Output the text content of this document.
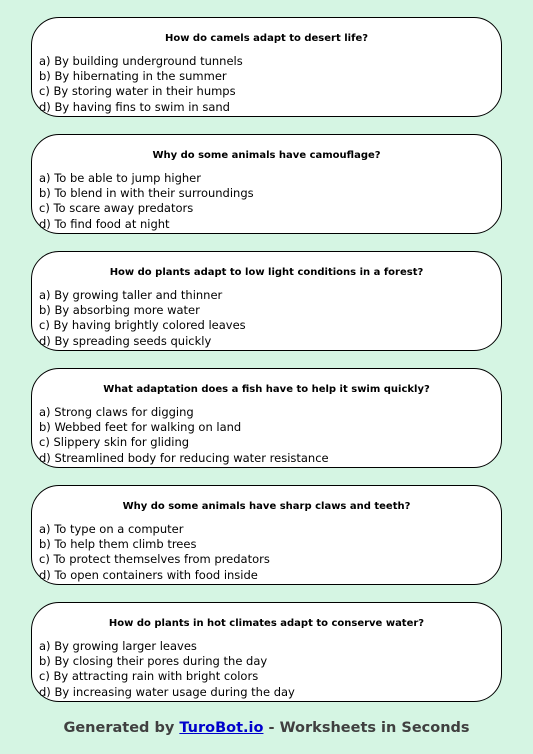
How do camels adapt to desert life?
a) By building underground tunnels
b) By hibernating in the summer
c) By storing water in their humps
d) By having fins to swim in sand
Why do some animals have camouflage?
a) To be able to jump higher
b) To blend in with their surroundings
c) To scare away predators
d) To find food at night
How do plants adapt to low light conditions in a forest?
a) By growing taller and thinner
b) By absorbing more water
c) By having brightly colored leaves
d) By spreading seeds quickly
What adaptation does a fish have to help it swim quickly?
a) Strong claws for digging
b) Webbed feet for walking on land
c) Slippery skin for gliding
d) Streamlined body for reducing water resistance
Why do some animals have sharp claws and teeth?
a) To type on a computer
b) To help them climb trees
c) To protect themselves from predators
d) To open containers with food inside
How do plants in hot climates adapt to conserve water?
a) By growing larger leaves
b) By closing their pores during the day
c) By attracting rain with bright colors
d) By increasing water usage during the day
Generated by TuroBot.io - Worksheets in Seconds
